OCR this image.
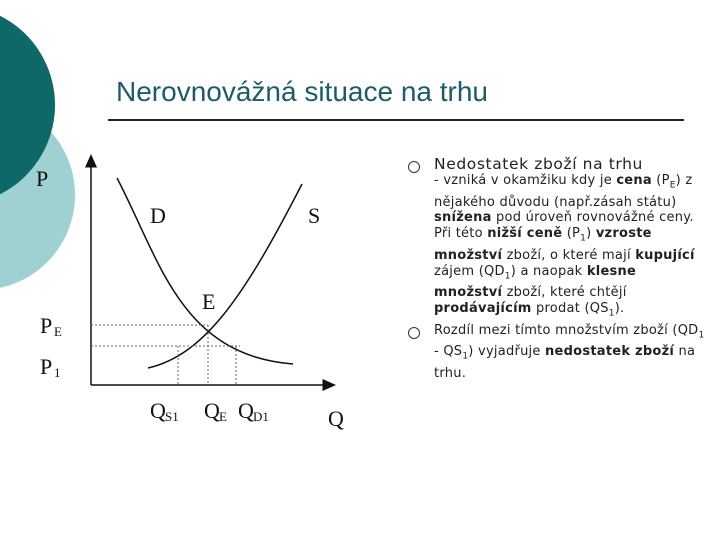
Nerovnovážná situace na trhu
P
Q
D	S
E
P E
P 1
Q S1 Q E Q D1
Nedostatek zboží na trhu
- vzniká v okamžiku kdy je cena $(P_E)$ z nějakého důvodu (např.zásah státu) snížena pod úroveň rovnovážné ceny. Při této nižší ceně $(P_1)$ vzroste množství zboží, o které mají kupující zájem $(QD_1)$ a naopak klesne množství zboží, které chtějí prodávajícím prodat $(QS_1)$.
Rozdíl mezi tímto množstvím zboží $(QD_1 - QS_1)$ vyjadřuje nedostatek zboží na trhu.
